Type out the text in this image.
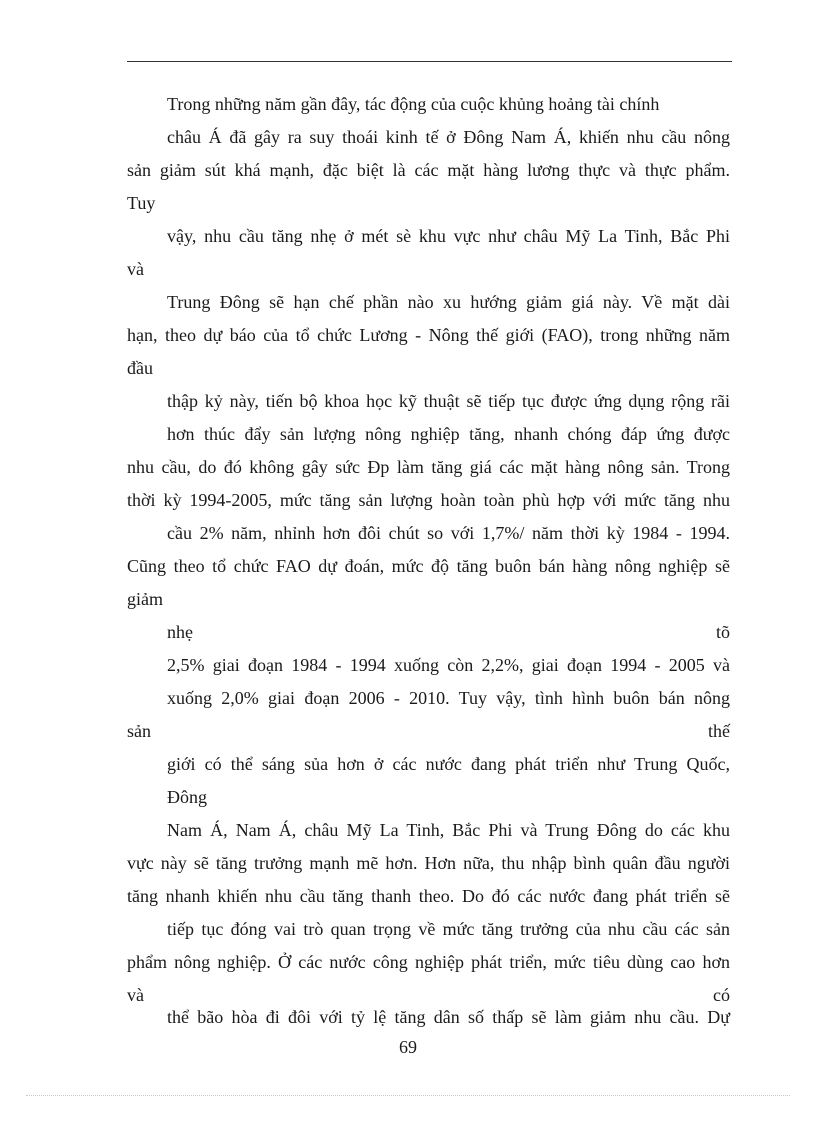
Trong những năm gần đây, tác động của cuộc khủng hoảng tài chính
châu Á đã gây ra suy thoái kinh tế ở Đông Nam Á, khiến nhu cầu nông
sản giảm sút khá mạnh, đặc biệt là các mặt hàng lương thực và thực phẩm.
Tuy
vậy, nhu cầu tăng nhẹ ở mét sè khu vực như châu Mỹ La Tinh, Bắc Phi
và
Trung Đông sẽ hạn chế phần nào xu hướng giảm giá này. Về mặt dài
hạn, theo dự báo của tổ chức Lương - Nông thế giới (FAO), trong những năm
đầu
thập kỷ này, tiến bộ khoa học kỹ thuật sẽ tiếp tục được ứng dụng rộng rãi
hơn thúc đẩy sản lượng nông nghiệp tăng, nhanh chóng đáp ứng được
nhu cầu, do đó không gây sức Ðp làm tăng giá các mặt hàng nông sản. Trong
thời kỳ 1994-2005, mức tăng sản lượng hoàn toàn phù hợp với mức tăng nhu
cầu 2% năm, nhỉnh hơn đôi chút so với 1,7%/ năm thời kỳ 1984 - 1994.
Cũng theo tổ chức FAO dự đoán, mức độ tăng buôn bán hàng nông nghiệp sẽ
giảm
nhẹ	tõ
2,5% giai đoạn 1984 - 1994 xuống còn 2,2%, giai đoạn 1994 - 2005 và
xuống 2,0% giai đoạn 2006 - 2010. Tuy vậy, tình hình buôn bán nông
sản	thế
giới có thể sáng sủa hơn ở các nước đang phát triển như Trung Quốc,
Đông
Nam Á, Nam Á, châu Mỹ La Tinh, Bắc Phi và Trung Đông do các khu
vực này sẽ tăng trưởng mạnh mẽ hơn. Hơn nữa, thu nhập bình quân đầu người
tăng nhanh khiến nhu cầu tăng thanh theo. Do đó các nước đang phát triển sẽ
tiếp tục đóng vai trò quan trọng về mức tăng trưởng của nhu cầu các sản
phẩm nông nghiệp. Ở các nước công nghiệp phát triển, mức tiêu dùng cao hơn
và	có
thể bão hòa đi đôi với tỷ lệ tăng dân số thấp sẽ làm giảm nhu cầu. Dự
69
